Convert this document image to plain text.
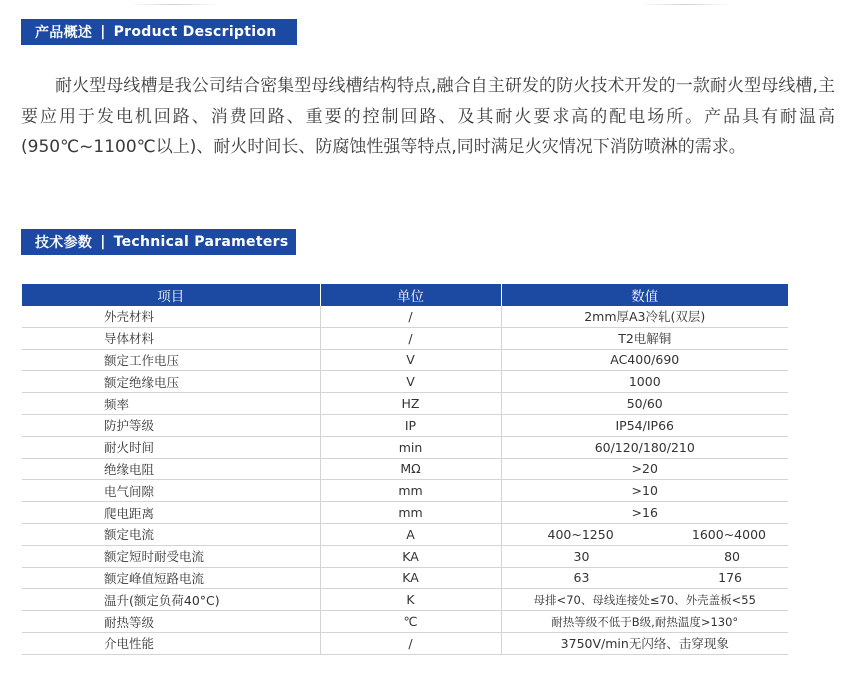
产品概述 | Product Description

耐火型母线槽是我公司结合密集型母线槽结构特点,融合自主研发的防火技术开发的一款耐火型母线槽,主要应用于发电机回路、消费回路、重要的控制回路、及其耐火要求高的配电场所。产品具有耐温高(950℃~1100℃以上)、耐火时间长、防腐蚀性强等特点,同时满足火灾情况下消防喷淋的需求。

技术参数 | Technical Parameters
项目	单位	数值
外壳材料	/	2mm厚A3冷轧(双层)
导体材料	/	T2电解铜
额定工作电压	V	AC400/690
额定绝缘电压	V	1000
频率	HZ	50/60
防护等级	IP	IP54/IP66
耐火时间	min	60/120/180/210
绝缘电阻	MΩ	>20
电气间隙	mm	>10
爬电距离	mm	>16
额定电流	A	400~1250 1600~4000

额定短时耐受电流	KA	30 80

额定峰值短路电流	KA	63 176

温升(额定负荷40°C)	K	母排<70、母线连接处≤70、外壳盖板<55
耐热等级	℃	耐热等级不低于B级,耐热温度>130°
介电性能	/	3750V/min无闪络、击穿现象
